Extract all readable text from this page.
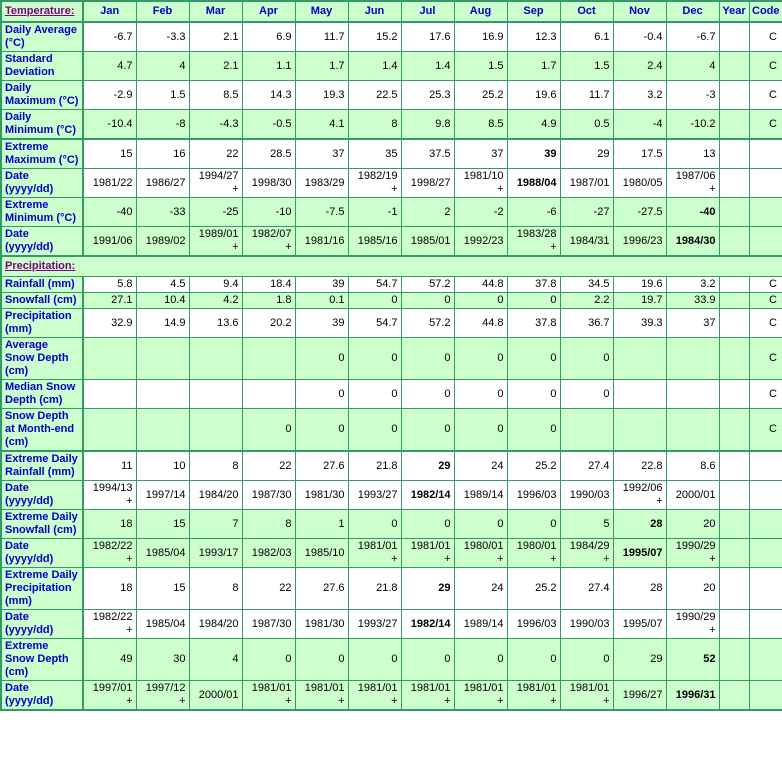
Temperature:	Jan	Feb	Mar	Apr	May	Jun	Jul	Aug	Sep	Oct	Nov	Dec	Year	Code
Daily Average (°C)	-6.7	-3.3	2.1	6.9	11.7	15.2	17.6	16.9	12.3	6.1	-0.4	-6.7		C
Standard Deviation	4.7	4	2.1	1.1	1.7	1.4	1.4	1.5	1.7	1.5	2.4	4		C
Daily Maximum (°C)	-2.9	1.5	8.5	14.3	19.3	22.5	25.3	25.2	19.6	11.7	3.2	-3		C
Daily Minimum (°C)	-10.4	-8	-4.3	-0.5	4.1	8	9.8	8.5	4.9	0.5	-4	-10.2		C
Extreme Maximum (°C)	15	16	22	28.5	37	35	37.5	37	39	29	17.5	13		
Date (yyyy/dd)	1981/22	1986/27	1994/27+	1998/30	1983/29	1982/19+	1998/27	1981/10+	1988/04	1987/01	1980/05	1987/06+		
Extreme Minimum (°C)	-40	-33	-25	-10	-7.5	-1	2	-2	-6	-27	-27.5	-40		
Date (yyyy/dd)	1991/06	1989/02	1989/01+	1982/07+	1981/16	1985/16	1985/01	1992/23	1983/28+	1984/31	1996/23	1984/30		
Precipitation:														
Rainfall (mm)	5.8	4.5	9.4	18.4	39	54.7	57.2	44.8	37.8	34.5	19.6	3.2		C
Snowfall (cm)	27.1	10.4	4.2	1.8	0.1	0	0	0	0	2.2	19.7	33.9		C
Precipitation (mm)	32.9	14.9	13.6	20.2	39	54.7	57.2	44.8	37.8	36.7	39.3	37		C
Average Snow Depth (cm)					0	0	0	0	0	0				C
Median Snow Depth (cm)					0	0	0	0	0	0				C
Snow Depth at Month-end (cm)				0	0	0	0	0	0					C
Extreme Daily Rainfall (mm)	11	10	8	22	27.6	21.8	29	24	25.2	27.4	22.8	8.6		
Date (yyyy/dd)	1994/13+	1997/14	1984/20	1987/30	1981/30	1993/27	1982/14	1989/14	1996/03	1990/03	1992/06+	2000/01		
Extreme Daily Snowfall (cm)	18	15	7	8	1	0	0	0	0	5	28	20		
Date (yyyy/dd)	1982/22+	1985/04	1993/17	1982/03	1985/10	1981/01+	1981/01+	1980/01+	1980/01+	1984/29+	1995/07	1990/29+		
Extreme Daily Precipitation (mm)	18	15	8	22	27.6	21.8	29	24	25.2	27.4	28	20		
Date (yyyy/dd)	1982/22+	1985/04	1984/20	1987/30	1981/30	1993/27	1982/14	1989/14	1996/03	1990/03	1995/07	1990/29+		
Extreme Snow Depth (cm)	49	30	4	0	0	0	0	0	0	0	29	52		
Date (yyyy/dd)	1997/01+	1997/12+	2000/01	1981/01+	1981/01+	1981/01+	1981/01+	1981/01+	1981/01+	1981/01+	1996/27	1996/31		
